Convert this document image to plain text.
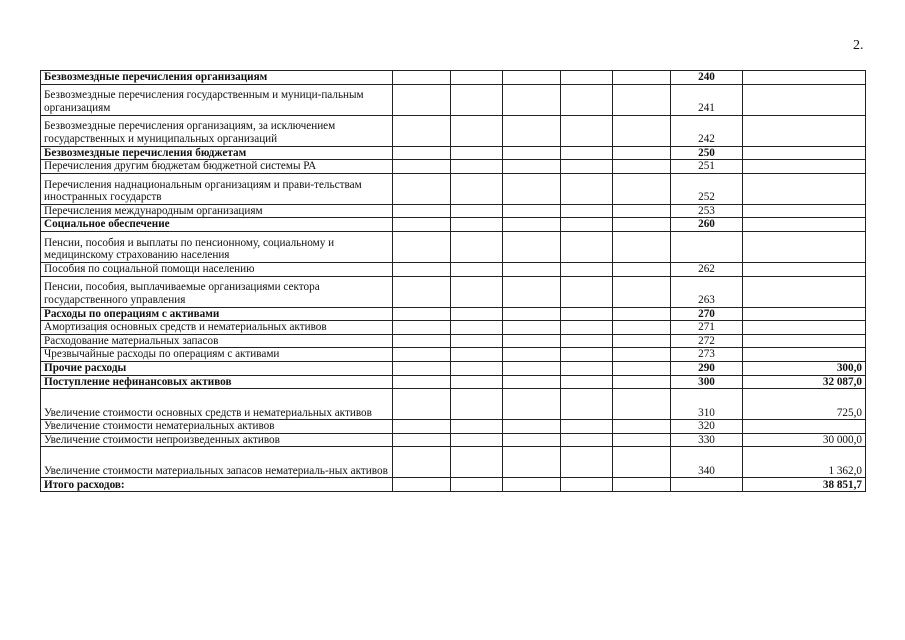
2.
Безвозмездные перечисления организациям						240	
Безвозмездные перечисления государственным и муници-пальным организациям						241	
Безвозмездные перечисления организациям, за исключением государственных и муниципальных организаций						242	
Безвозмездные перечисления бюджетам						250	
Перечисления другим бюджетам бюджетной системы РА						251	
Перечисления наднациональным организациям и прави-тельствам иностранных государств						252	
Перечисления международным организациям						253	
Социальное обеспечение						260	
Пенсии, пособия и выплаты по пенсионному, социальному и медицинскому страхованию населения							
Пособия по социальной помощи населению						262	
Пенсии, пособия, выплачиваемые организациями сектора государственного управления						263	
Расходы по операциям с активами						270	
Амортизация основных средств и нематериальных активов						271	
Расходование материальных запасов						272	
Чрезвычайные расходы по операциям с активами						273	
Прочие расходы						290	300,0
Поступление нефинансовых активов						300	32 087,0
Увеличение стоимости основных средств и нематериальных активов						310	725,0
Увеличение стоимости нематериальных активов						320	
Увеличение стоимости непроизведенных активов						330	30 000,0
Увеличение стоимости материальных запасов нематериаль-ных активов						340	1 362,0
Итого расходов:							38 851,7
